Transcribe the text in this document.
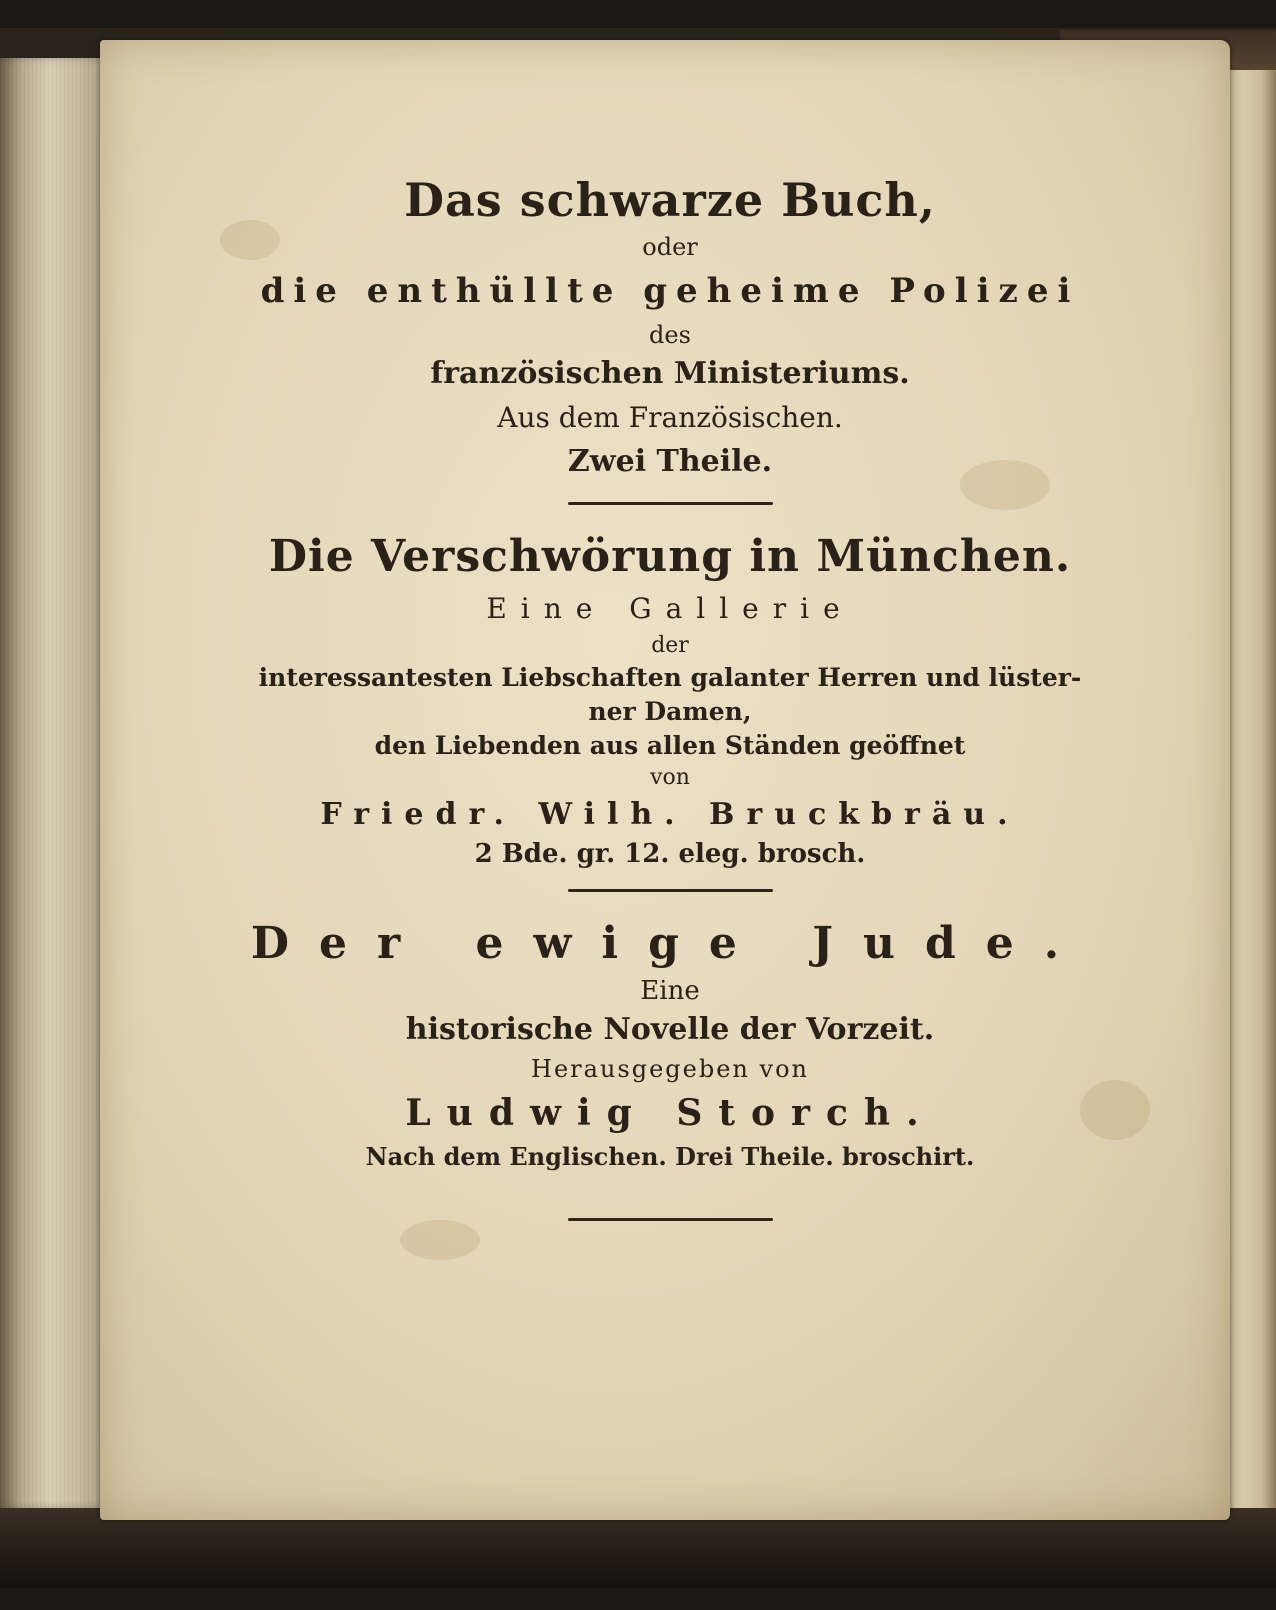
Das schwarze Buch,
oder
die enthüllte geheime Polizei
des
französischen Ministeriums.
Aus dem Französischen.
Zwei Theile.
Die Verschwörung in München.
Eine Gallerie
der
interessantesten Liebschaften galanter Herren und lüster-
ner Damen,
den Liebenden aus allen Ständen geöffnet
von
Friedr. Wilh. Bruckbräu.
2 Bde. gr. 12. eleg. brosch.
Der ewige Jude.
Eine
historische Novelle der Vorzeit.
Herausgegeben von
Ludwig Storch.
Nach dem Englischen. Drei Theile. broschirt.
